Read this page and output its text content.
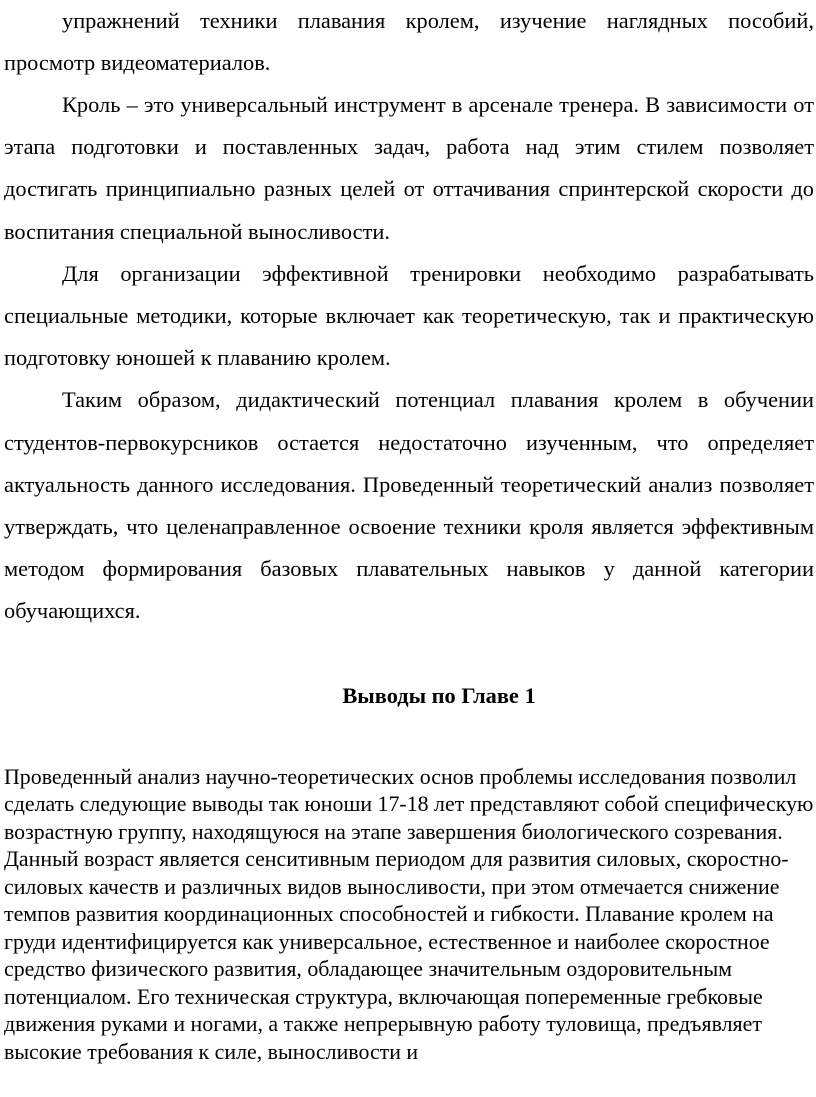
упражнений техники плавания кролем, изучение наглядных пособий, просмотр видеоматериалов.

Кроль – это универсальный инструмент в арсенале тренера. В зависимости от этапа подготовки и поставленных задач, работа над этим стилем позволяет достигать принципиально разных целей от оттачивания спринтерской скорости до воспитания специальной выносливости.

Для организации эффективной тренировки необходимо разрабатывать специальные методики, которые включает как теоретическую, так и практическую подготовку юношей к плаванию кролем.

Таким образом, дидактический потенциал плавания кролем в обучении студентов-первокурсников остается недостаточно изученным, что определяет актуальность данного исследования. Проведенный теоретический анализ позволяет утверждать, что целенаправленное освоение техники кроля является эффективным методом формирования базовых плавательных навыков у данной категории обучающихся.

Выводы по Главе 1

Проведенный анализ научно-теоретических основ проблемы исследования позволил сделать следующие выводы так юноши 17-18 лет представляют собой специфическую возрастную группу, находящуюся на этапе завершения биологического созревания. Данный возраст является сенситивным периодом для развития силовых, скоростно-силовых качеств и различных видов выносливости, при этом отмечается снижение темпов развития координационных способностей и гибкости. Плавание кролем на груди идентифицируется как универсальное, естественное и наиболее скоростное средство физического развития, обладающее значительным оздоровительным потенциалом. Его техническая структура, включающая попеременные гребковые движения руками и ногами, а также непрерывную работу туловища, предъявляет высокие требования к силе, выносливости и
